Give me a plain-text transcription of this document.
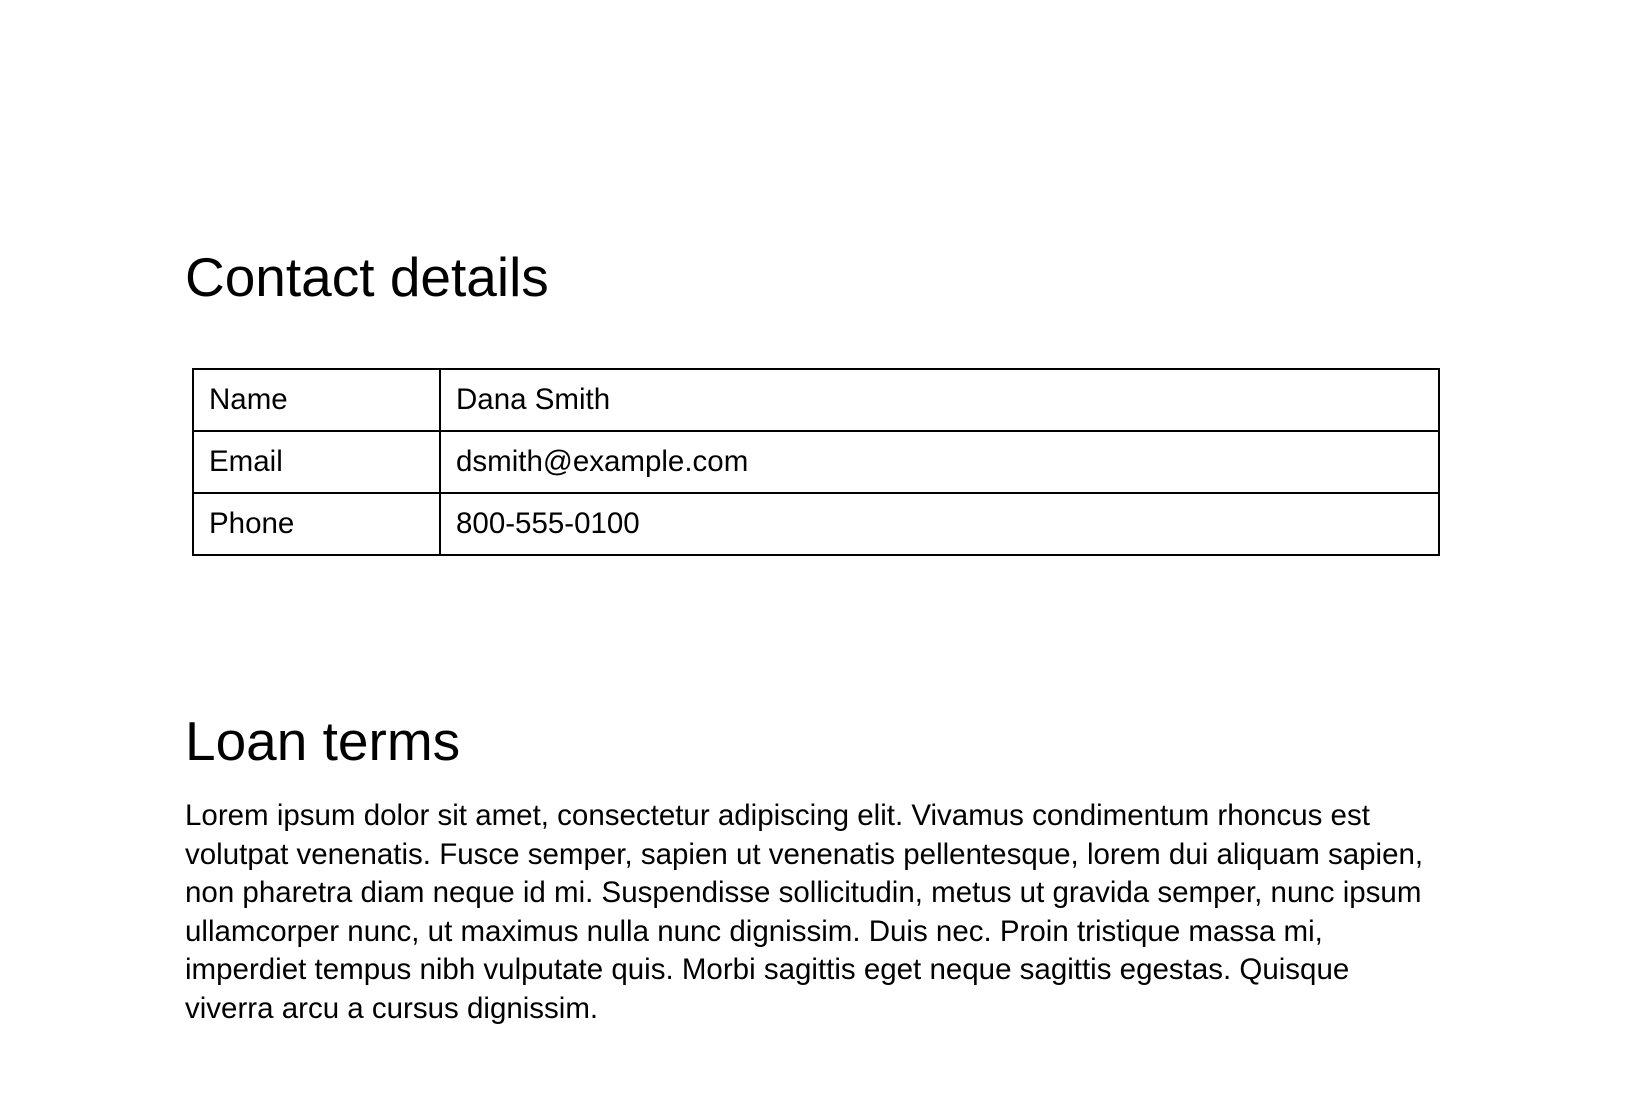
Contact details
Name	Dana Smith
Email	dsmith@example.com
Phone	800-555-0100
Loan terms
Lorem ipsum dolor sit amet, consectetur adipiscing elit. Vivamus condimentum rhoncus est
volutpat venenatis. Fusce semper, sapien ut venenatis pellentesque, lorem dui aliquam sapien,
non pharetra diam neque id mi. Suspendisse sollicitudin, metus ut gravida semper, nunc ipsum
ullamcorper nunc, ut maximus nulla nunc dignissim. Duis nec. Proin tristique massa mi,
imperdiet tempus nibh vulputate quis. Morbi sagittis eget neque sagittis egestas. Quisque
viverra arcu a cursus dignissim.
